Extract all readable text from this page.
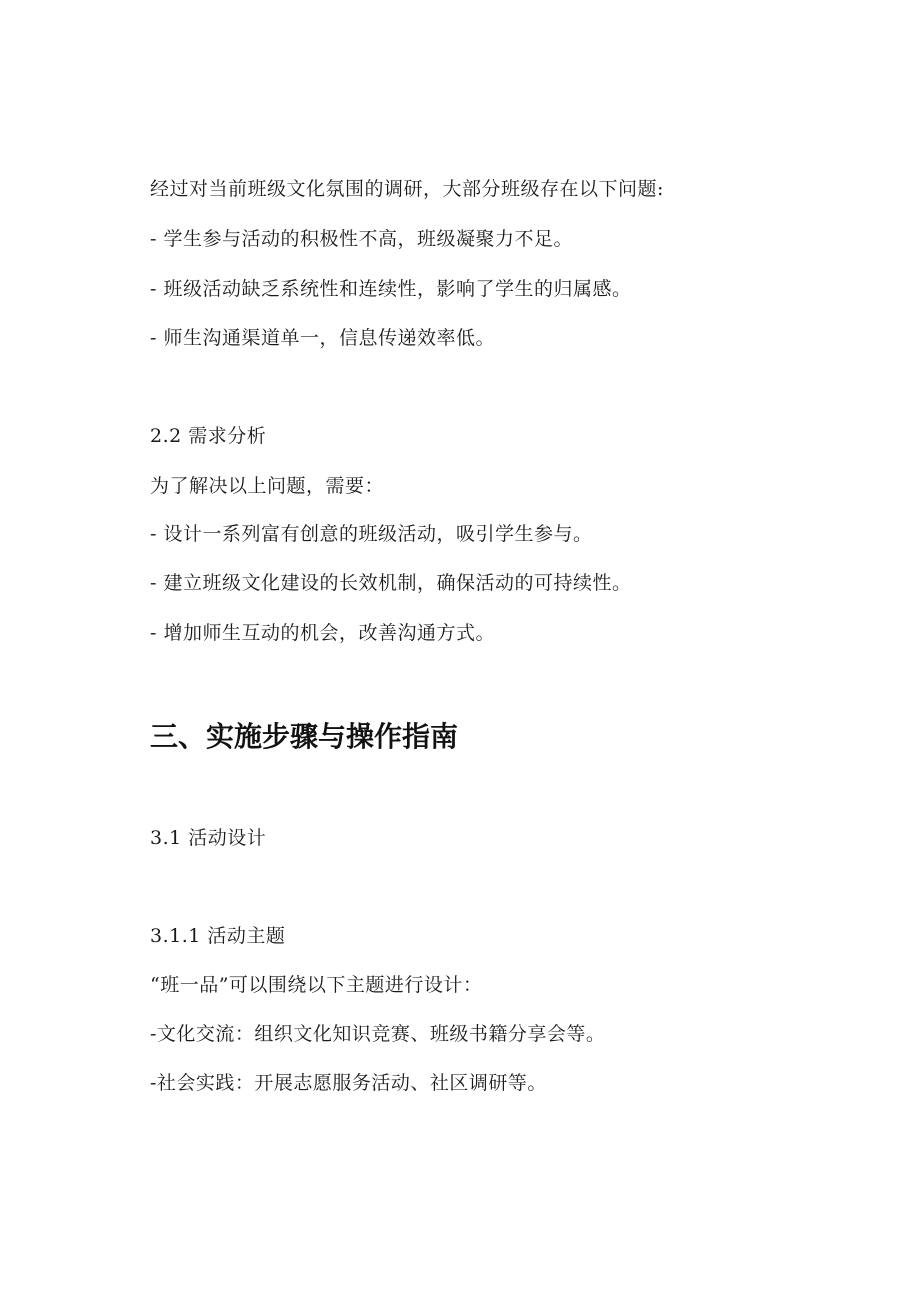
经过对当前班级文化氛围的调研，大部分班级存在以下问题:

- 学生参与活动的积极性不高，班级凝聚力不足。

- 班级活动缺乏系统性和连续性，影响了学生的归属感。

- 师生沟通渠道单一，信息传递效率低。

2.2 需求分析

为了解决以上问题，需要：

- 设计一系列富有创意的班级活动，吸引学生参与。

- 建立班级文化建设的长效机制，确保活动的可持续性。

- 增加师生互动的机会，改善沟通方式。

三、实施步骤与操作指南

3.1 活动设计

3.1.1 活动主题

“班一品”可以围绕以下主题进行设计：

-文化交流：组织文化知识竞赛、班级书籍分享会等。

-社会实践：开展志愿服务活动、社区调研等。
